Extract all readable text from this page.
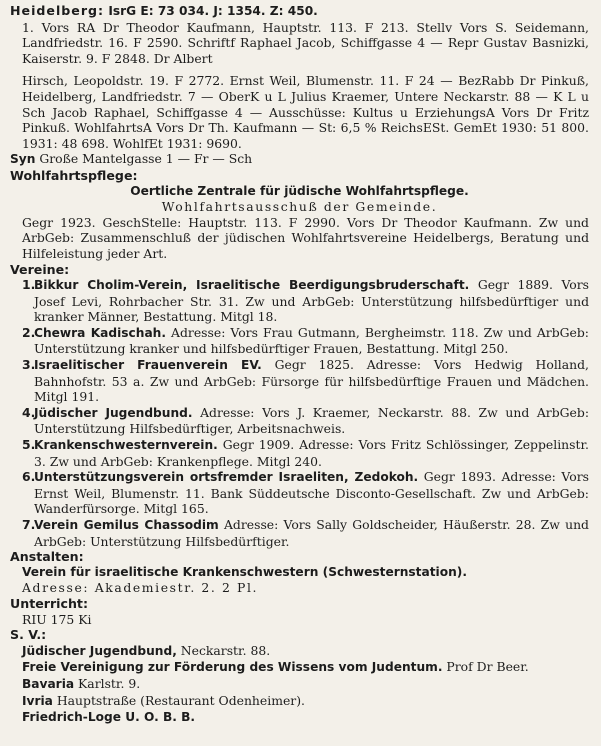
Heidelberg: IsrG E: 73 034. J: 1354. Z: 450.

1. Vors RA Dr Theodor Kaufmann, Hauptstr. 113. F 213. Stellv Vors S. Seidemann, Landfriedstr. 16. F 2590. Schriftf Raphael Jacob, Schiffgasse 4 — Repr Gustav Basnizki, Kaiserstr. 9. F 2848. Dr Albert

Hirsch, Leopoldstr. 19. F 2772. Ernst Weil, Blumenstr. 11. F 24 — BezRabb Dr Pinkuß, Heidelberg, Landfriedstr. 7 — OberK u L Julius Kraemer, Untere Neckarstr. 88 — K L u Sch Jacob Raphael, Schiffgasse 4 — Ausschüsse: Kultus u ErziehungsA Vors Dr Fritz Pinkuß. WohlfahrtsA Vors Dr Th. Kaufmann — St: 6,5 % ReichsESt. GemEt 1930: 51 800. 1931: 48 698. WohlfEt 1931: 9690.

Syn Große Mantelgasse 1 — Fr — Sch

Wohlfahrtspflege:

Oertliche Zentrale für jüdische Wohlfahrtspflege.

Wohlfahrtsausschuß der Gemeinde.

Gegr 1923. GeschStelle: Hauptstr. 113. F 2990. Vors Dr Theodor Kaufmann. Zw und ArbGeb: Zusammenschluß der jüdischen Wohlfahrtsvereine Heidelbergs, Beratung und Hilfeleistung jeder Art.

Vereine:

1.
Bikkur Cholim-Verein, Israelitische Beerdigungsbruderschaft. Gegr 1889. Vors Josef Levi, Rohrbacher Str. 31. Zw und ArbGeb: Unterstützung hilfsbedürftiger und kranker Männer, Bestattung. Mitgl 18.
2.
Chewra Kadischah. Adresse: Vors Frau Gutmann, Bergheimstr. 118. Zw und ArbGeb: Unterstützung kranker und hilfsbedürftiger Frauen, Bestattung. Mitgl 250.
3.
Israelitischer Frauenverein EV. Gegr 1825. Adresse: Vors Hedwig Holland, Bahnhofstr. 53 a. Zw und ArbGeb: Fürsorge für hilfsbedürftige Frauen und Mädchen. Mitgl 191.
4.
Jüdischer Jugendbund. Adresse: Vors J. Kraemer, Neckarstr. 88. Zw und ArbGeb: Unterstützung Hilfsbedürftiger, Arbeitsnachweis.
5.
Krankenschwesternverein. Gegr 1909. Adresse: Vors Fritz Schlössinger, Zeppelinstr. 3. Zw und ArbGeb: Krankenpflege. Mitgl 240.
6.
Unterstützungsverein ortsfremder Israeliten, Zedokoh. Gegr 1893. Adresse: Vors Ernst Weil, Blumenstr. 11. Bank Süddeutsche Disconto-Gesellschaft. Zw und ArbGeb: Wanderfürsorge. Mitgl 165.
7.
Verein Gemilus Chassodim Adresse: Vors Sally Goldscheider, Häußerstr. 28. Zw und ArbGeb: Unterstützung Hilfsbedürftiger.

Anstalten:

Verein für israelitische Krankenschwestern (Schwesternstation).

Adresse: Akademiestr. 2. 2 Pl.

Unterricht:

RIU 175 Ki

S. V.:

Jüdischer Jugendbund, Neckarstr. 88.

Freie Vereinigung zur Förderung des Wissens vom Judentum. Prof Dr Beer.

Bavaria Karlstr. 9.

Ivria Hauptstraße (Restaurant Odenheimer).

Friedrich-Loge U. O. B. B.
